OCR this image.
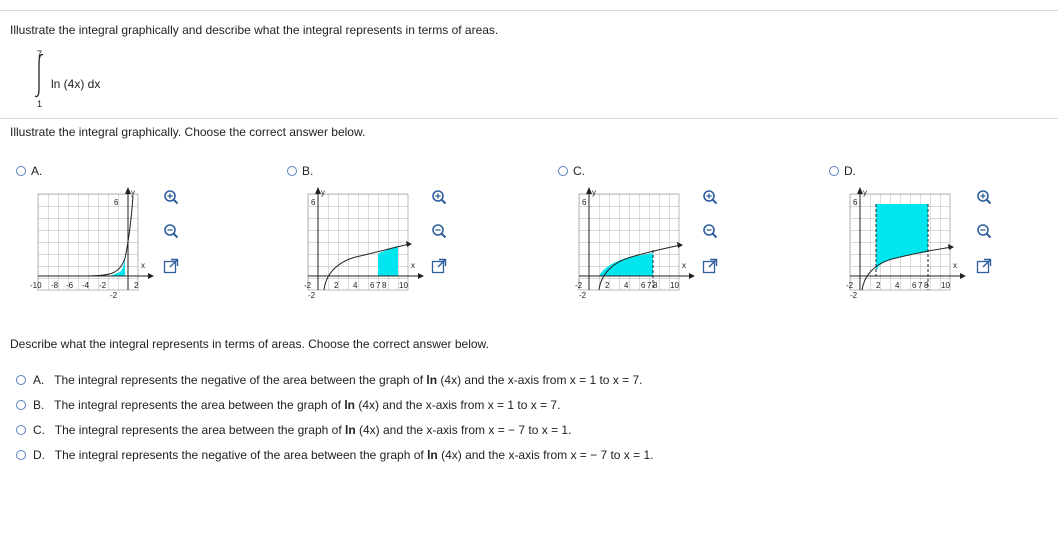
Illustrate the integral graphically and describe what the integral represents in terms of areas.
7
1
ln (4x) dx
Illustrate the integral graphically. Choose the correct answer below.
A.	B.	C.	D.
6
-10 -8 -6 -4 -2	2
-2
x
y
6
-2	2 4 6 7 8 10
-2
x
y
6
-2	2 4 6 7 8 10
-2
x
y
6
-2	2 4 6 7 8 10
-2
x
y
Describe what the integral represents in terms of areas. Choose the correct answer below.
A. The integral represents the negative of the area between the graph of ln (4x) and the x-axis from x = 1 to x = 7.
B. The integral represents the area between the graph of ln (4x) and the x-axis from x = 1 to x = 7.
C. The integral represents the area between the graph of ln (4x) and the x-axis from x = − 7 to x = 1.
D. The integral represents the negative of the area between the graph of ln (4x) and the x-axis from x = − 7 to x = 1.
